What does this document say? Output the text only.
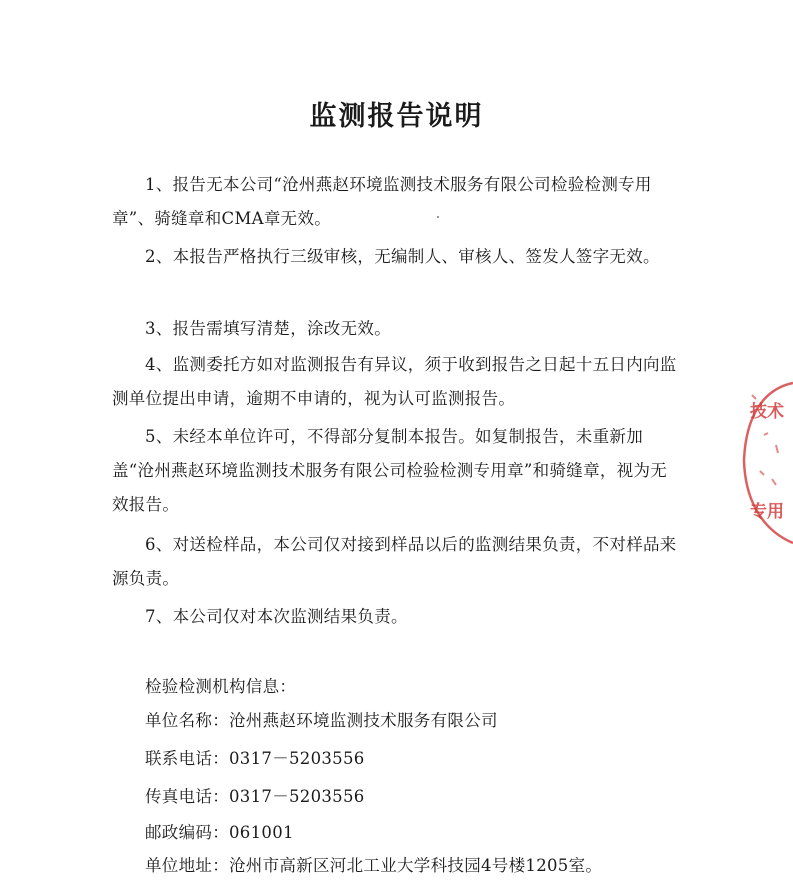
监测报告说明

1、报告无本公司“沧州燕赵环境监测技术服务有限公司检验检测专用章”、骑缝章和CMA章无效。

2、本报告严格执行三级审核，无编制人、审核人、签发人签字无效。

3、报告需填写清楚，涂改无效。

4、监测委托方如对监测报告有异议，须于收到报告之日起十五日内向监测单位提出申请，逾期不申请的，视为认可监测报告。

5、未经本单位许可，不得部分复制本报告。如复制报告，未重新加盖“沧州燕赵环境监测技术服务有限公司检验检测专用章”和骑缝章，视为无效报告。

6、对送检样品，本公司仅对接到样品以后的监测结果负责，不对样品来源负责。

7、本公司仅对本次监测结果负责。

检验检测机构信息：
单位名称：沧州燕赵环境监测技术服务有限公司
联系电话：0317－5203556
传真电话：0317－5203556
邮政编码：061001
单位地址：沧州市高新区河北工业大学科技园4号楼1205室。
技术
专用
